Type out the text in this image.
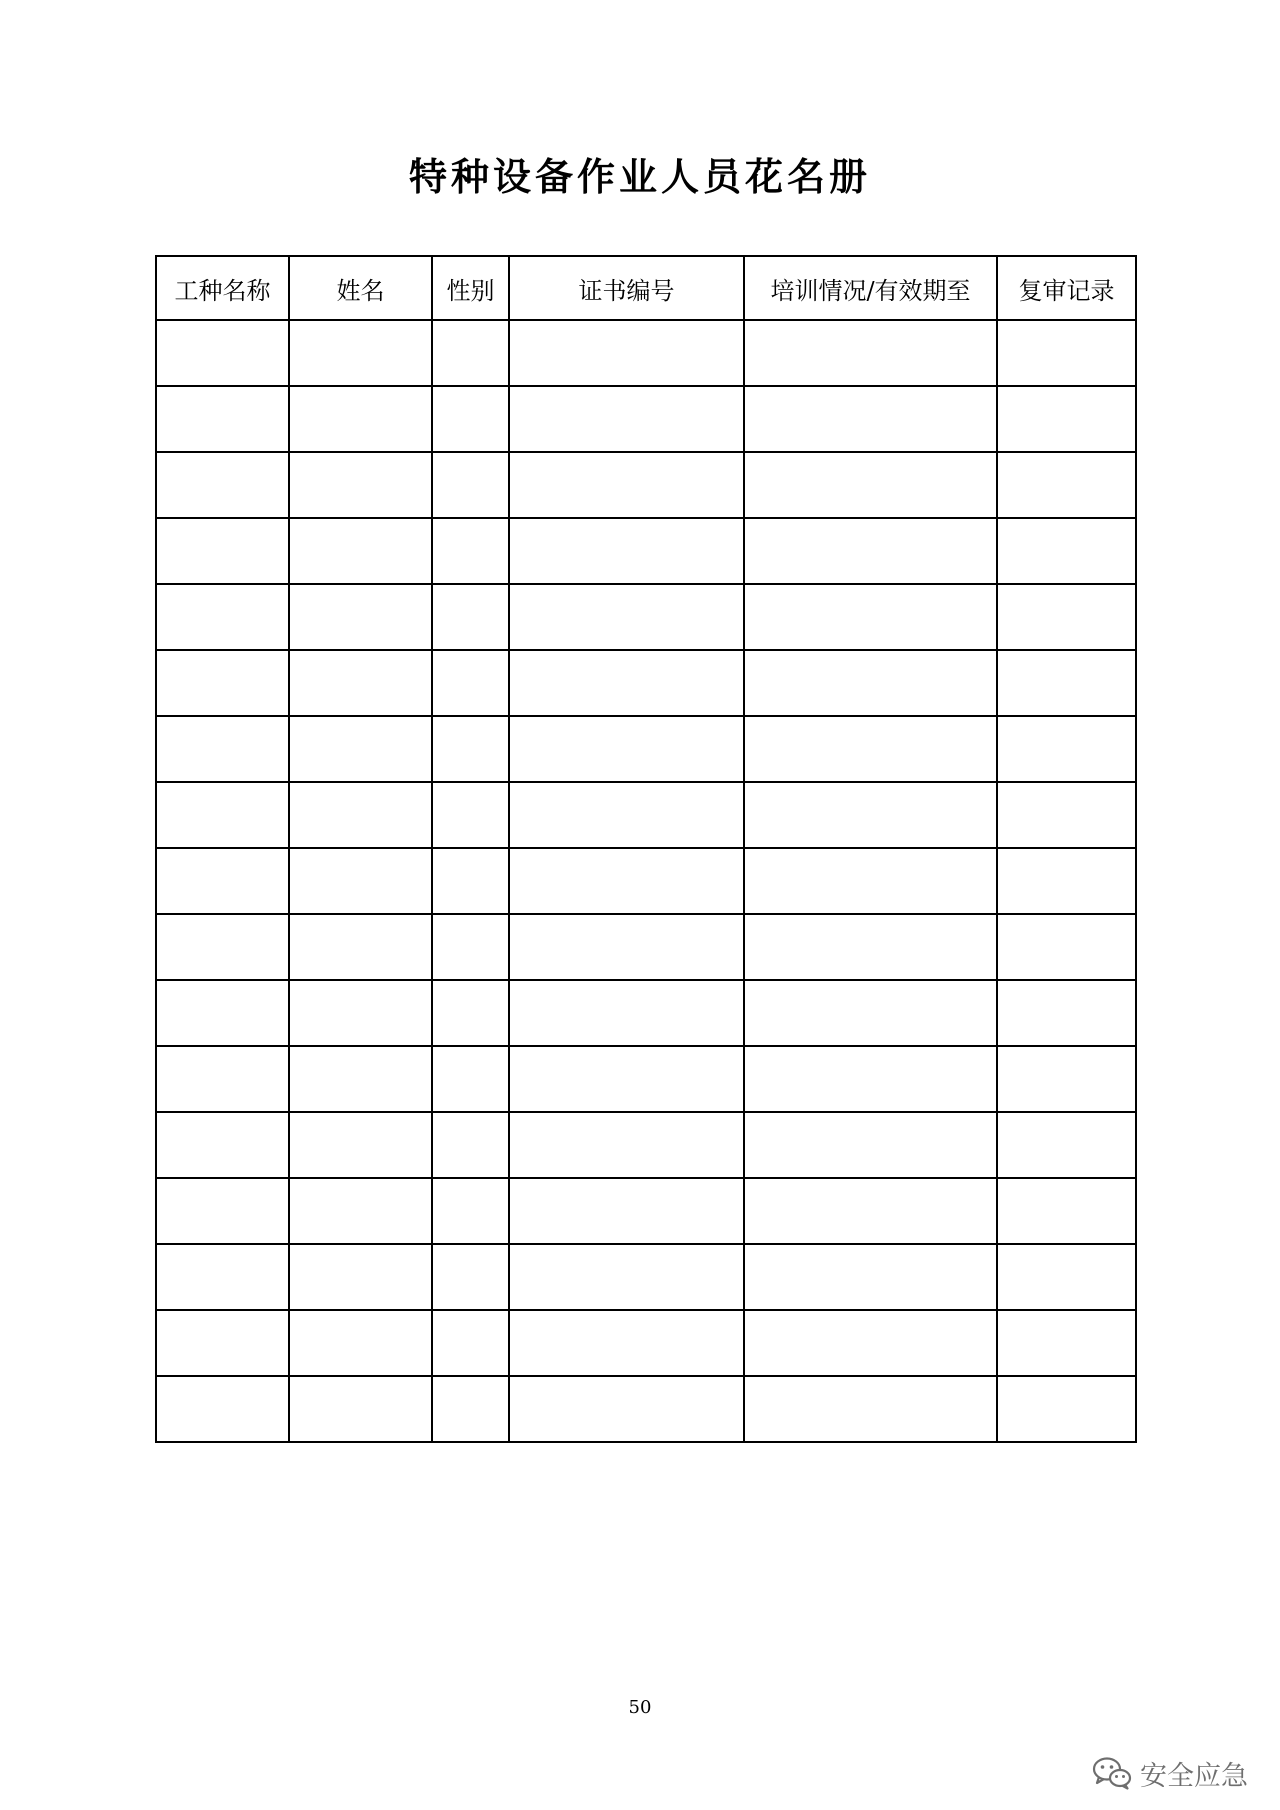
特种设备作业人员花名册
工种名称	姓名	性别	证书编号	培训情况/有效期至	复审记录

50
安全应急
